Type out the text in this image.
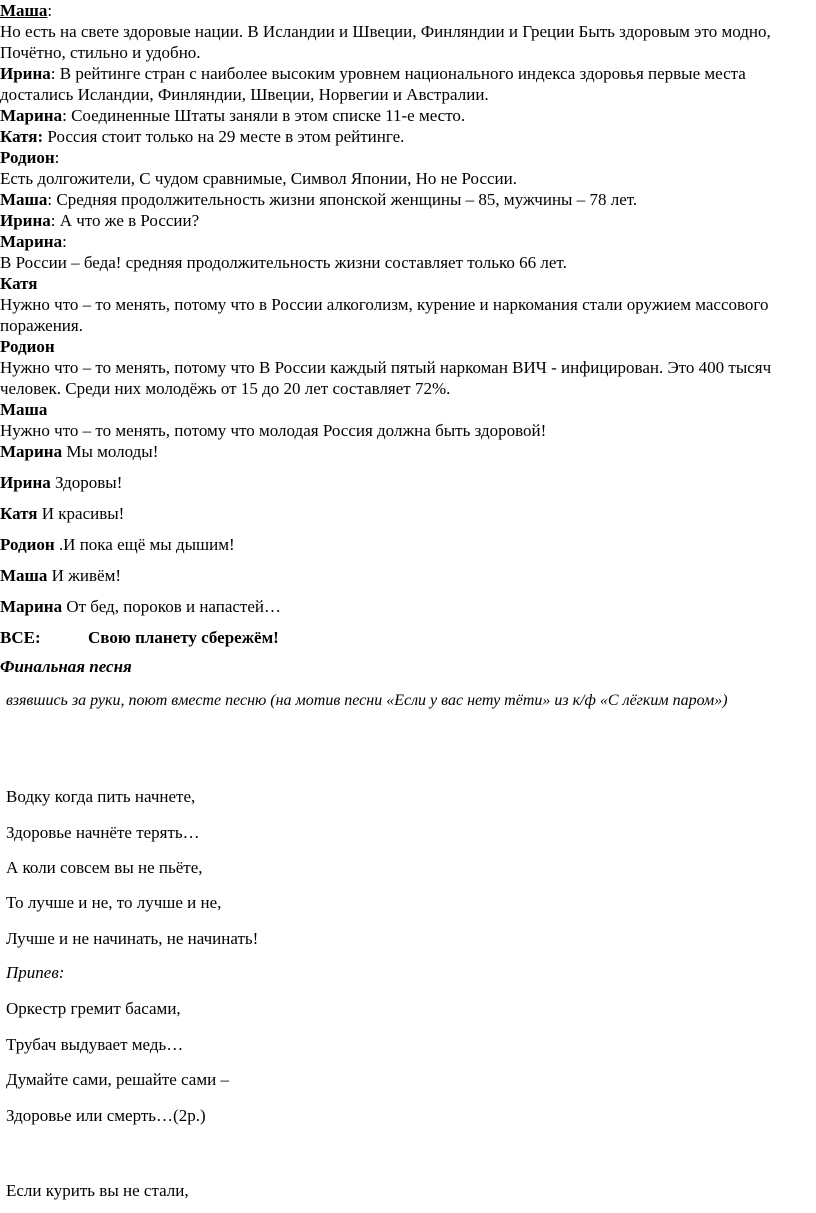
Маша:
Но есть на свете здоровые нации. В Исландии и Швеции, Финляндии и Греции Быть здоровым это модно, Почётно, стильно и удобно.

Ирина: В рейтинге стран с наиболее высоким уровнем национального индекса здоровья первые места достались Исландии, Финляндии, Швеции, Норвегии и Австралии.

Марина: Соединенные Штаты заняли в этом списке 11-е место.

Катя: Россия стоит только на 29 месте в этом рейтинге.

Родион:
Есть долгожители, С чудом сравнимые, Символ Японии, Но не России.

Маша: Средняя продолжительность жизни японской женщины – 85, мужчины – 78 лет.

Ирина: А что же в России?

Марина:
В России – беда! средняя продолжительность жизни составляет только 66 лет.

Катя
Нужно что – то менять, потому что в России алкоголизм, курение и наркомания стали оружием массового поражения.

Родион
Нужно что – то менять, потому что В России каждый пятый наркоман ВИЧ - инфицирован. Это 400 тысяч человек. Среди них молодёжь от 15 до 20 лет составляет 72%.

Маша
Нужно что – то менять, потому что молодая Россия должна быть здоровой!

Марина Мы молоды!

Ирина Здоровы!
Катя И красивы!
Родион .И пока ещё мы дышим!
Маша И живём!
Марина От бед, пороков и напастей…
ВСЕ:	Свою планету сбережём!
Финальная песня
взявшись за руки, поют вместе песню (на мотив песни «Если у вас нету тёти» из к/ф «С лёгким паром»)
Водку когда пить начнете,
Здоровье начнёте терять…
А коли совсем вы не пьёте,
То лучше и не, то лучше и не,
Лучше и не начинать, не начинать!
Припев:
Оркестр гремит басами,
Трубач выдувает медь…
Думайте сами, решайте сами –
Здоровье или смерть…(2р.)
Если курить вы не стали,
